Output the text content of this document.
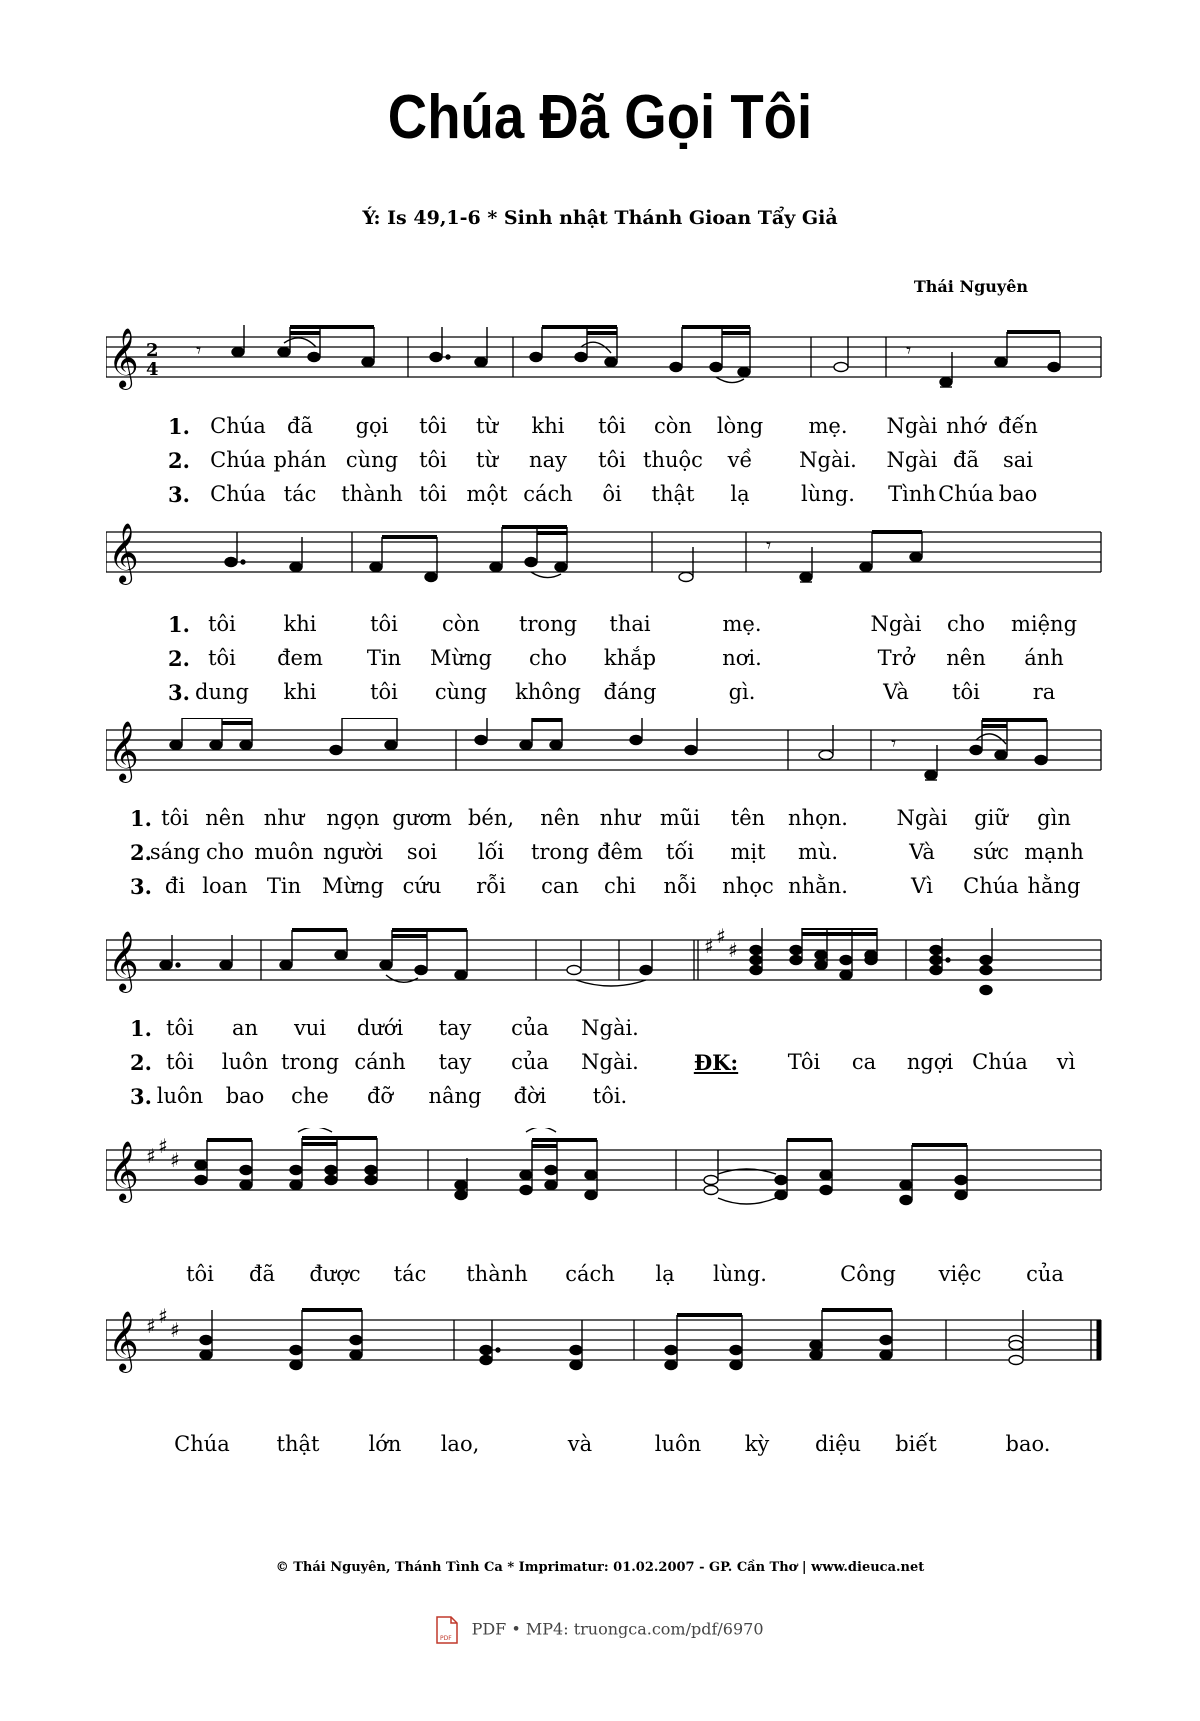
Chúa Đã Gọi Tôi
Ý: Is 49,1-6 * Sinh nhật Thánh Gioan Tẩy Giả
Thái Nguyên
𝄞 2
4
𝄾	𝄾
𝄞	𝄾
𝄞	𝄾
𝄞	♯ ♯
♯
𝄞 ♯ ♯
♯
𝄞 ♯ ♯
♯
1. Chúa đã gọi tôi từ khi tôi còn lòng mẹ. Ngài nhớ đến
2. Chúa phán cùng tôi từ nay tôi thuộc về Ngài. Ngài đã sai
3. Chúa tác thành tôi một cách ôi thật lạ lùng. Tình Chúa bao
1. tôi khi	tôi còn trong thai	mẹ.	Ngài cho miệng
2. tôi đem Tin Mừng cho khắp	nơi.	Trở nên ánh
3. dung khi	tôi cùng không đáng	gì.	Và tôi	ra
1. tôi nên như ngọn gươm bén, nên như mũi tên nhọn. Ngài giữ gìn
2.
sáng cho muôn người soi lối trong đêm tối mịt mù.	Và sức mạnh
3. đi loan Tin Mừng cứu rỗi can chi nỗi nhọc nhằn.	Vì Chúa hằng
1. tôi an vui dưới tay của Ngài.
2. tôi luôn trong cánh tay của Ngài.	ĐK: Tôi ca ngợi Chúa vì
3. luôn bao che đỡ nâng đời tôi.
tôi đã được tác thành cách lạ lùng.	Công việc của
Chúa thật lớn lao,	và	luôn kỳ diệu biết	bao.
© Thái Nguyên, Thánh Tình Ca * Imprimatur: 01.02.2007 - GP. Cần Thơ | www.dieuca.net
PDF PDF • MP4: truongca.com/pdf/6970
